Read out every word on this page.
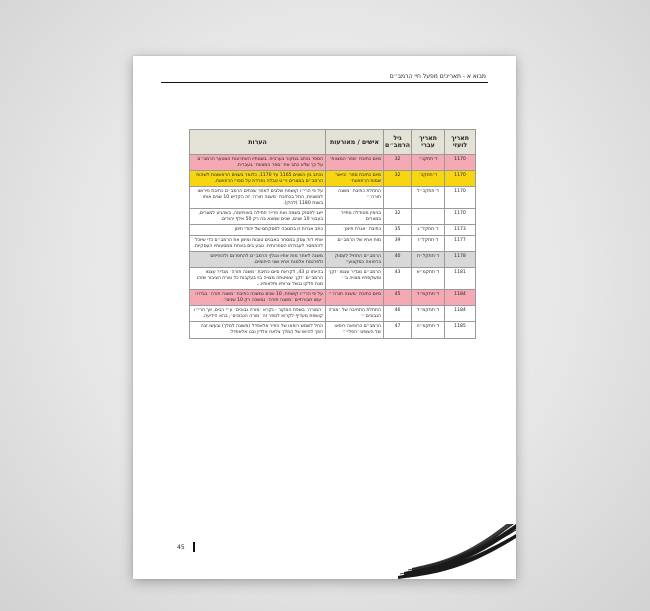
מבוא א - תאריכים מפעל חיי הרמב״ם
תאריך לועזי	תאריך עברי	גיל הרמב״ם	אישים / מאורעות	הערות
1170	ד׳תתקכ״	32	סיום כתיבת ׳ספר המצוות׳	הספר נכתב במקור בערבית. בשנותיו האחרונות הצטער הרמב״ם על כך שלא כתב את ׳ספר המצוות׳ בעברית.
1170	ד׳תתקכ׳	32	סיום כתיבת ספר ׳ביאור שמות הרפואות׳	נכתב בין השנים 1165 עד 1170, כלומר בשנים הראשונות לשהות הרמב״ם במצרים וי״ט טבלה נפרדת על ספרי הרפואות.
1170	ד׳תתקכ״ל		התחלת כתיבת ׳משנה תורה׳״	על פי הרי״ו קושפת שלבים לאחר שכתים הרמב״ם כתיבת פירושו למשניות, החל בכתיבת ׳משנה תורה׳ זה הקדיש 10 שנים אותו בשנת 1180 (להלן).
1170		32	בנימין מטודלה מתייר במצרים	ייצג לפסוק בשמה ואת וזרייר תחילה באוויחמה, בשהגיע למצרים, בעבור 10 שנים, שנים שמצא בה רק 50 אלף יהודים.
1173	ד׳תתקל״ג	35	כתיבת ׳אגרת תימן׳	כתב אגרות זו בתגובה לפסקתם של יהודי תימן
1177	ד׳תתקל״ז	39	מות אחיו של הרמב״ם	אחיו דוד עסק במסחר באבנים טובות ומימן את הרמב״ם כדי שיוכל להתמסר לעבודתו הספרותית. טבע בים באחת ממסעותיו העסקיות.
1178	ד׳תתקל״ח	40	הרמב״ם התחיל לעסוק ברפואה כמקצוע״	משנה לאחר מות אחיו ונגלץ הרמב״ם להתפרנס ולהתייחס ולפרנסת אלמנת אחיו ושני היתומים.
1181	ד׳תתקמ״א	43	הרמב״ם מגדיר עצמו ׳זקן׳ ומשקפתיו מצויה ב׳׳	בהיותו כן 43, לקראת סיום כתיבת ׳משנה תורה׳ מגדיר עצמו הרמב״ם ׳זקן׳ ששיטתה מצויה בוי בעקבות כל טורח הציבור שזהו מנת חלקו ובשל צרותיו ותלאותיו...
1184	ד׳תתקמ״ד	45	סיום כתיבת ׳משנה תורה׳״	על פי הרי״ו קושפת, 10 שנים נמשכה כתיבת ׳משנה תורה׳ בגדרו: ׳עשו חבורתיים ׳משנה תורה׳ נמשכה רק 10 שנים״.
1184	ד׳תתקמ״ד	46	התחלת התחיבה של ׳מורה הנבוכים׳״	׳המורה׳ בשפת המקור - נקרא ׳מורה נבוכים׳ ע״י רבים, אך הרי״ו קושפת מעדיף לקרוא לספר זה ׳מורה הנבוכים׳, בהא הידיעה.
1185	ד׳תתקמ״ה	47	הרמב״ם כרופאה רופאו של השופט ׳הפלי׳״	החל לשמש רופאו של הוזיר אלאפדל (משונה למלך) ובעשו זכה הפך להיוש של המלך צלאח אלדין ובנו אלאפדל.
45
